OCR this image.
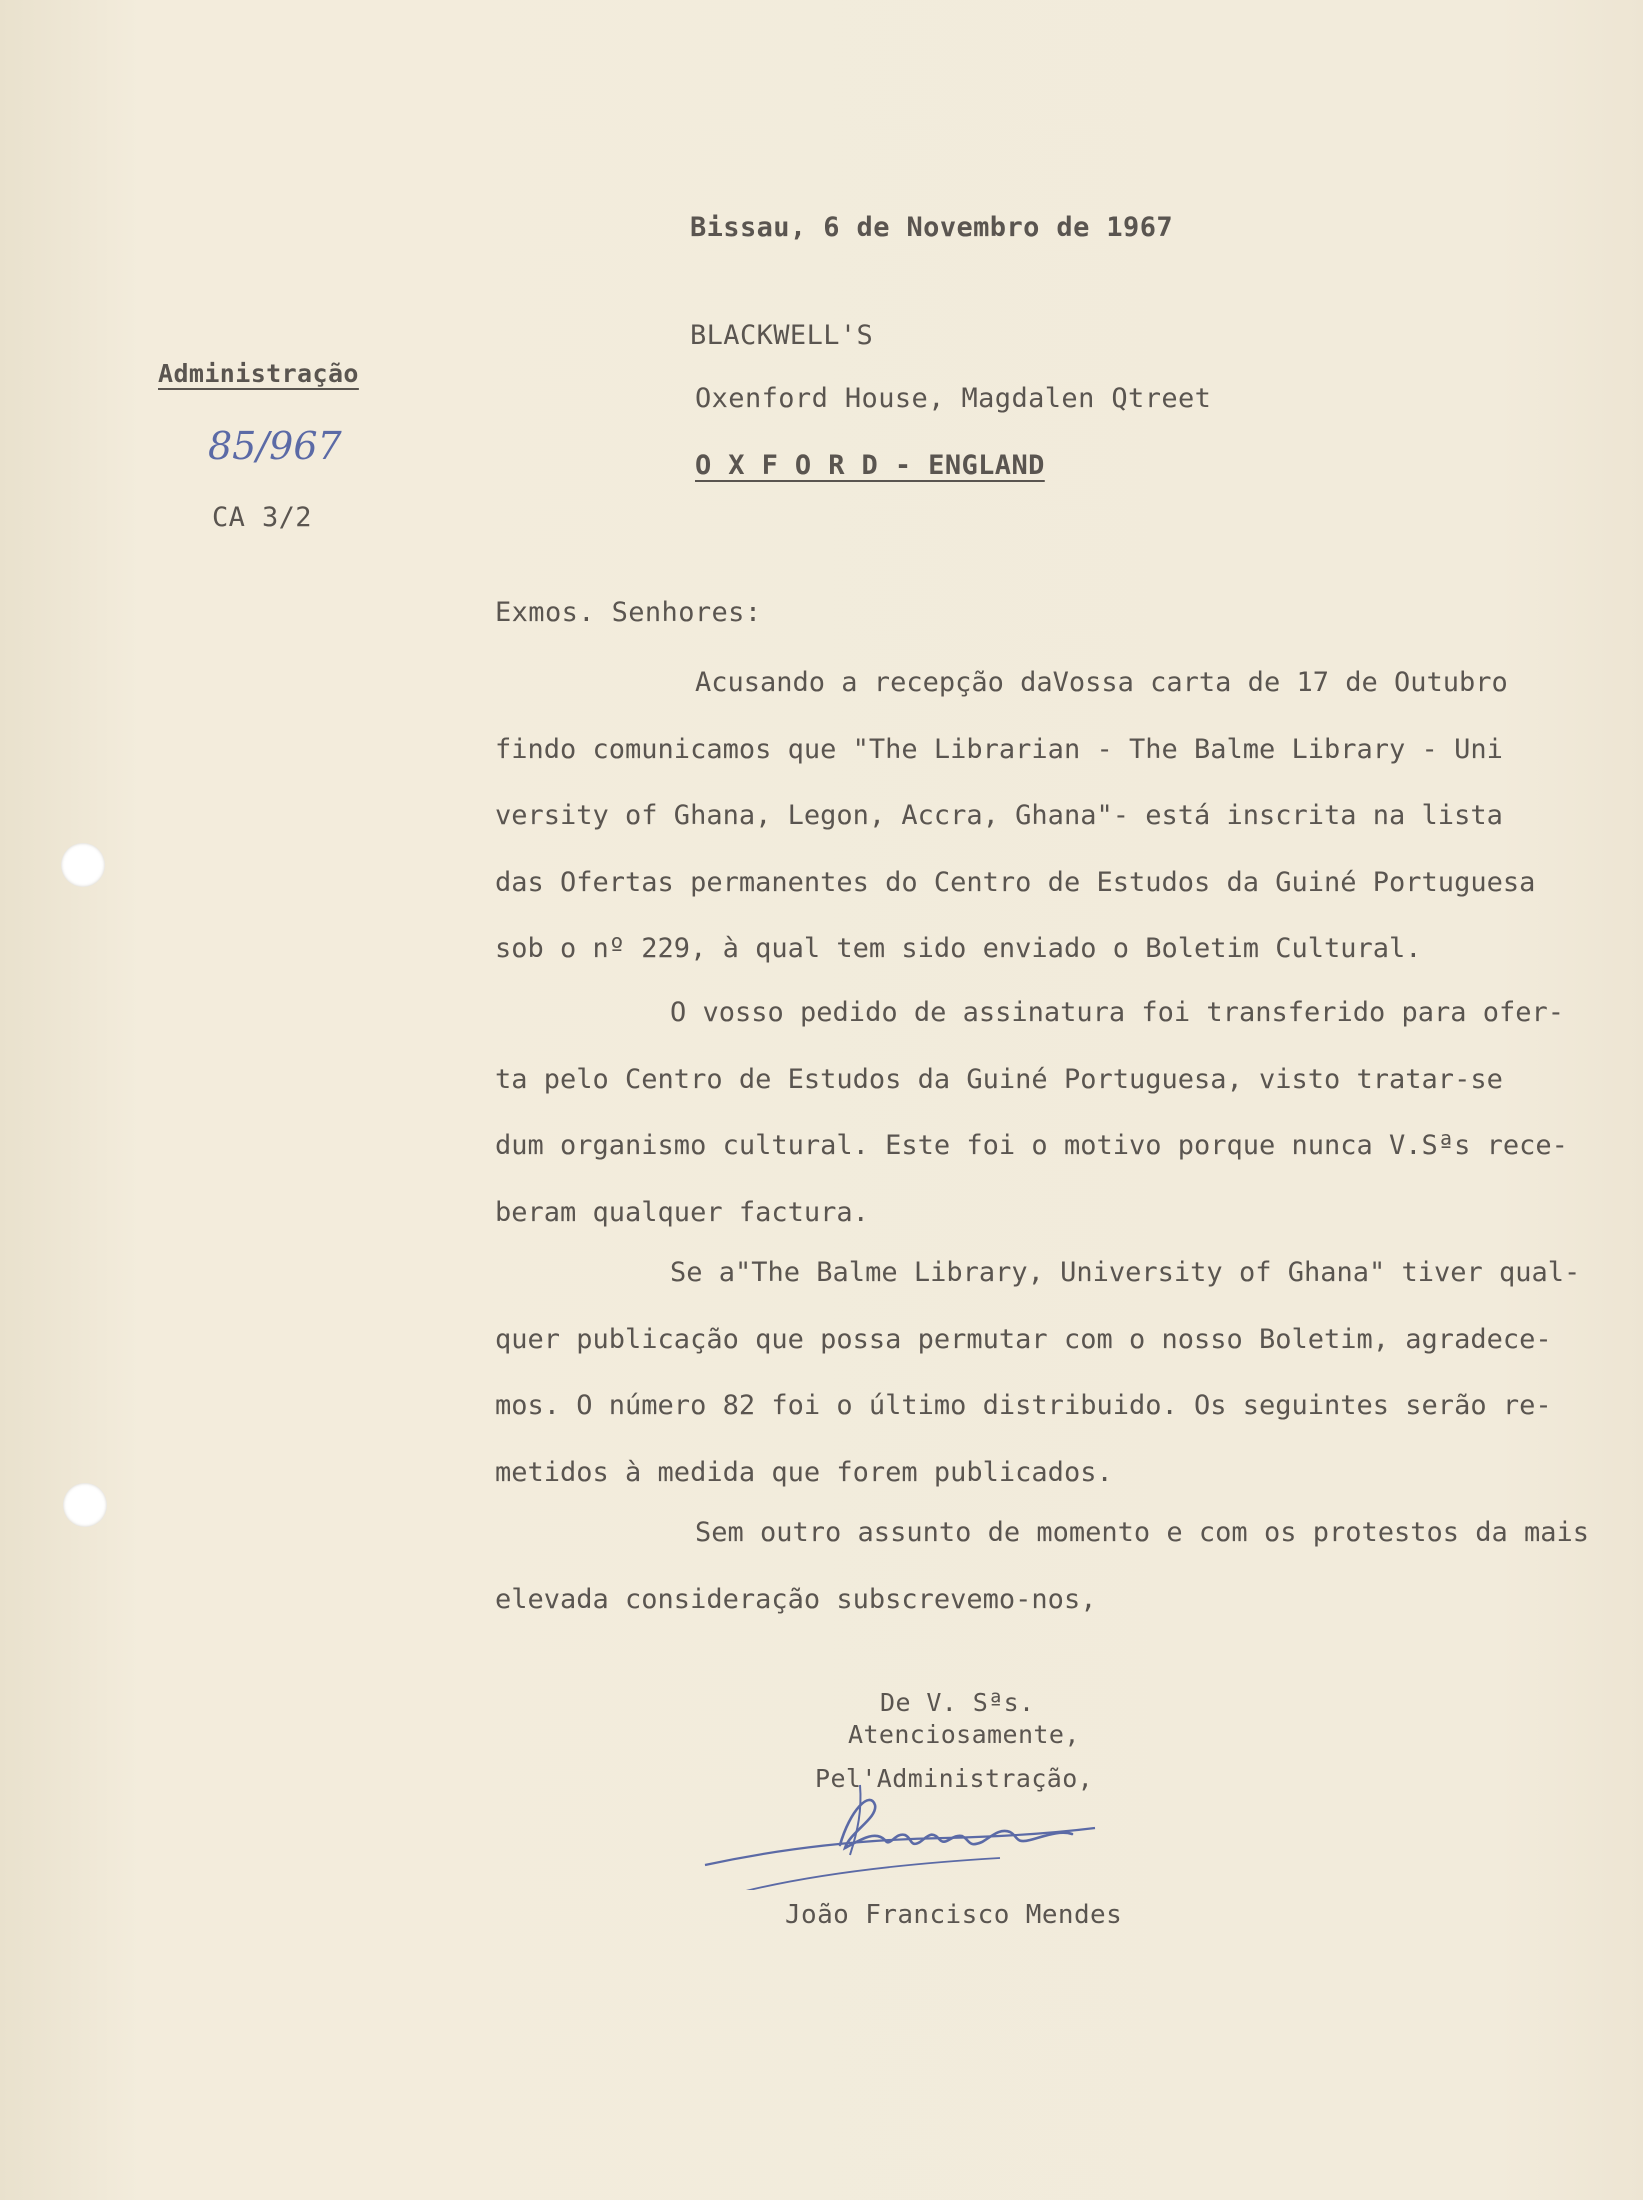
Bissau, 6 de Novembro de 1967
Administração
85/967
CA 3/2
BLACKWELL'S
Oxenford House, Magdalen Qtreet
O X F O R D - ENGLAND
Exmos. Senhores:
Acusando a recepção daVossa carta de 17 de Outubro
findo comunicamos que "The Librarian - The Balme Library - Uni
versity of Ghana, Legon, Accra, Ghana"- está inscrita na lista
das Ofertas permanentes do Centro de Estudos da Guiné Portuguesa
sob o nº 229, à qual tem sido enviado o Boletim Cultural.
O vosso pedido de assinatura foi transferido para ofer-
ta pelo Centro de Estudos da Guiné Portuguesa, visto tratar-se
dum organismo cultural. Este foi o motivo porque nunca V.Sªs rece-
beram qualquer factura.
Se a"The Balme Library, University of Ghana" tiver qual-
quer publicação que possa permutar com o nosso Boletim, agradece-
mos. O número 82 foi o último distribuido. Os seguintes serão re-
metidos à medida que forem publicados.
Sem outro assunto de momento e com os protestos da mais
elevada consideração subscrevemo-nos,
De V. Sªs.
Atenciosamente,
Pel'Administração,
João Francisco Mendes
